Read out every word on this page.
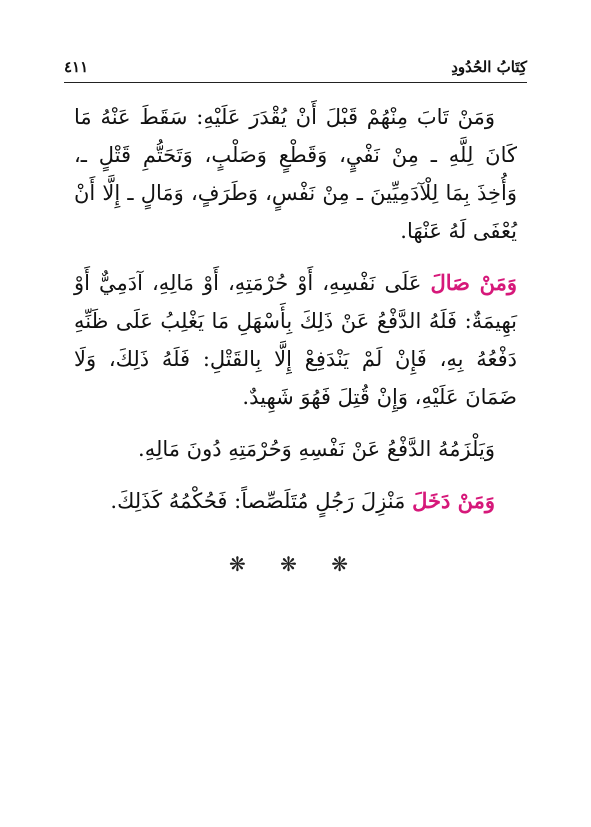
كِتَابُ الحُدُودِ
٤١١

وَمَنْ تَابَ مِنْهُمْ قَبْلَ أَنْ يُقْدَرَ عَلَيْهِ: سَقَطَ عَنْهُ مَا كَانَ لِلَّهِ ـ مِنْ نَفْيٍ، وَقَطْعٍ وَصَلْبٍ، وَتَحَتُّمِ قَتْلٍ ـ، وَأُخِذَ بِمَا لِلْآدَمِيِّينَ ـ مِنْ نَفْسٍ، وَطَرَفٍ، وَمَالٍ ـ إِلَّا أَنْ يُعْفَى لَهُ عَنْهَا.

وَمَنْ صَالَ عَلَى نَفْسِهِ، أَوْ حُرْمَتِهِ، أَوْ مَالِهِ، آدَمِيٌّ أَوْ بَهِيمَةٌ: فَلَهُ الدَّفْعُ عَنْ ذَلِكَ بِأَسْهَلِ مَا يَغْلِبُ عَلَى ظَنِّهِ دَفْعُهُ بِهِ، فَإِنْ لَمْ يَنْدَفِعْ إِلَّا بِالقَتْلِ: فَلَهُ ذَلِكَ، وَلَا ضَمَانَ عَلَيْهِ، وَإِنْ قُتِلَ فَهُوَ شَهِيدٌ.

وَيَلْزَمُهُ الدَّفْعُ عَنْ نَفْسِهِ وَحُرْمَتِهِ دُونَ مَالِهِ.

وَمَنْ دَخَلَ مَنْزِلَ رَجُلٍ مُتَلَصِّصاً: فَحُكْمُهُ كَذَلِكَ.

❋ ❋ ❋
